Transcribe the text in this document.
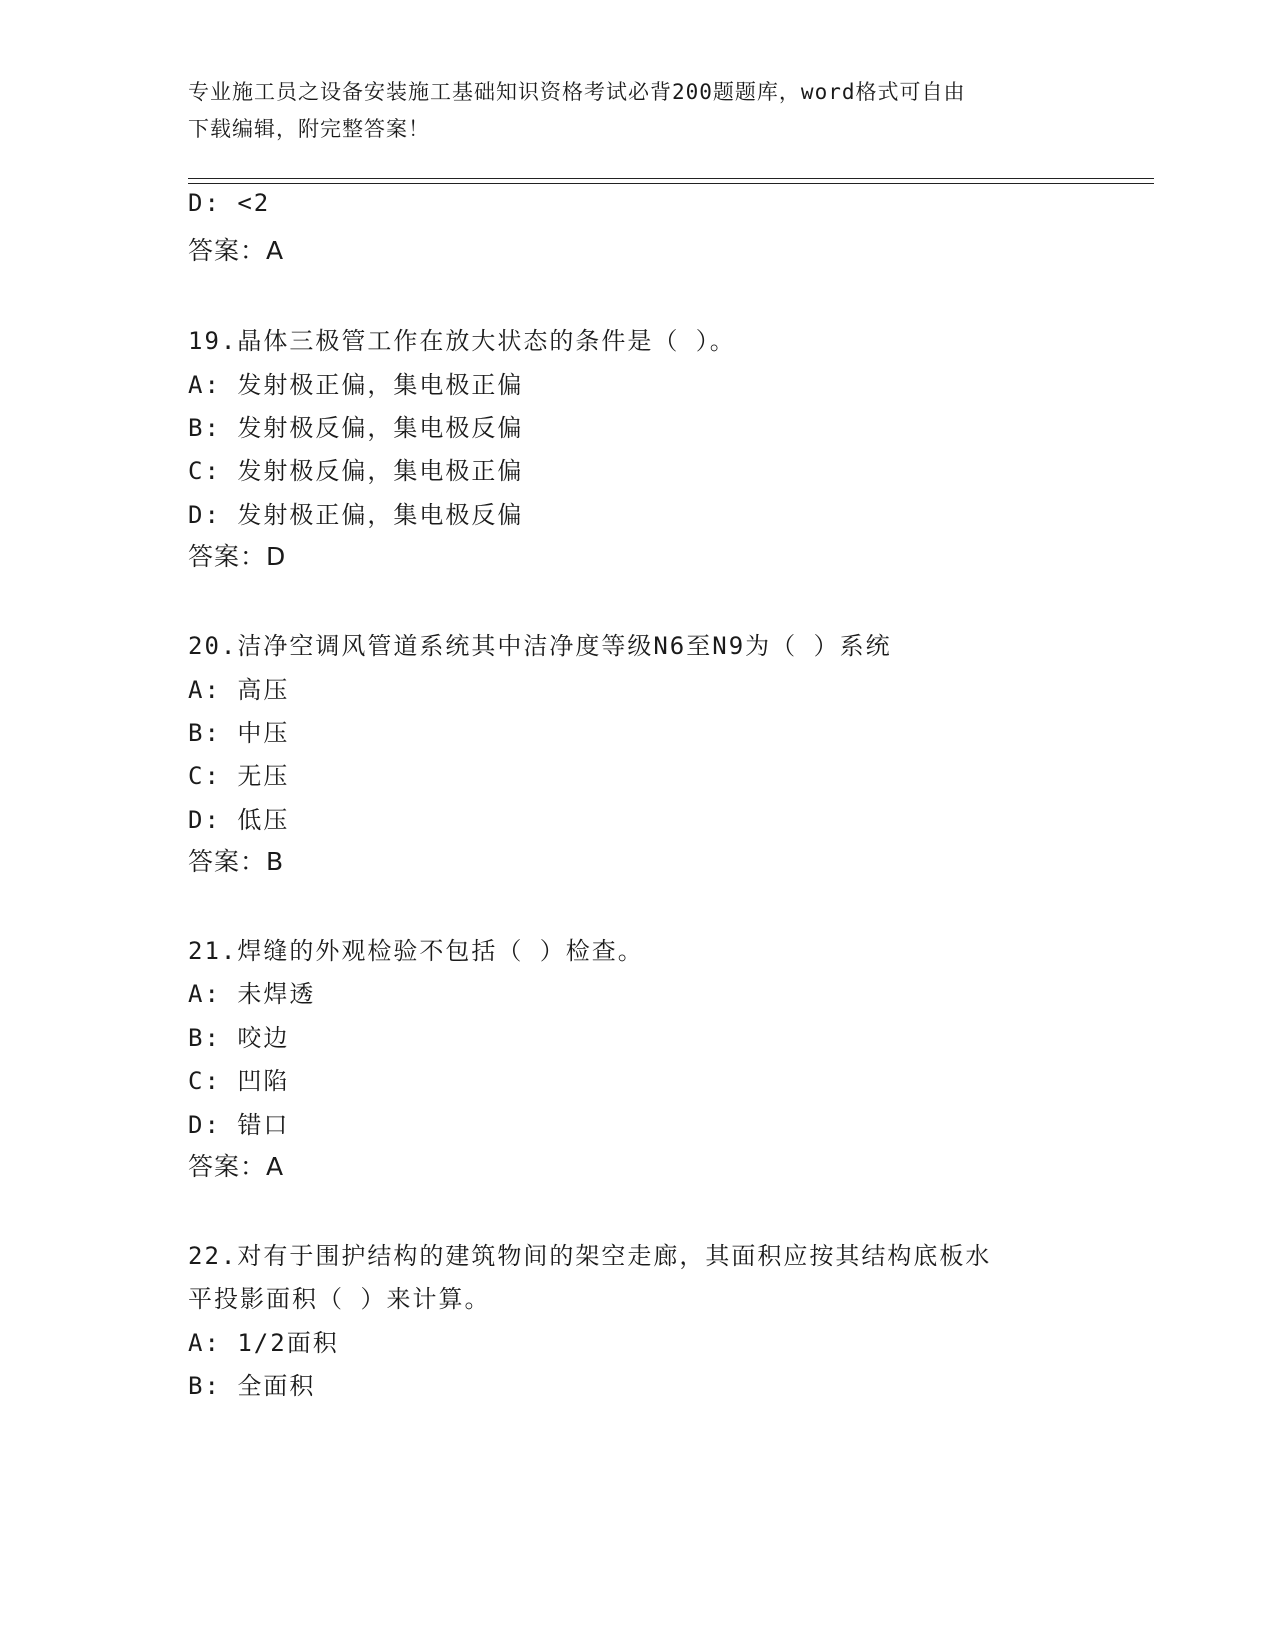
专业施工员之设备安装施工基础知识资格考试必背200题题库，word格式可自由
下载编辑，附完整答案！
D: <2
答案：A
19.晶体三极管工作在放大状态的条件是（ ）。
A: 发射极正偏，集电极正偏
B: 发射极反偏，集电极反偏
C: 发射极反偏，集电极正偏
D: 发射极正偏，集电极反偏
答案：D
20.洁净空调风管道系统其中洁净度等级N6至N9为（ ）系统
A: 高压
B: 中压
C: 无压
D: 低压
答案：B
21.焊缝的外观检验不包括（ ）检查。
A: 未焊透
B: 咬边
C: 凹陷
D: 错口
答案：A
22.对有于围护结构的建筑物间的架空走廊，其面积应按其结构底板水
平投影面积（ ）来计算。
A: 1/2面积
B: 全面积
